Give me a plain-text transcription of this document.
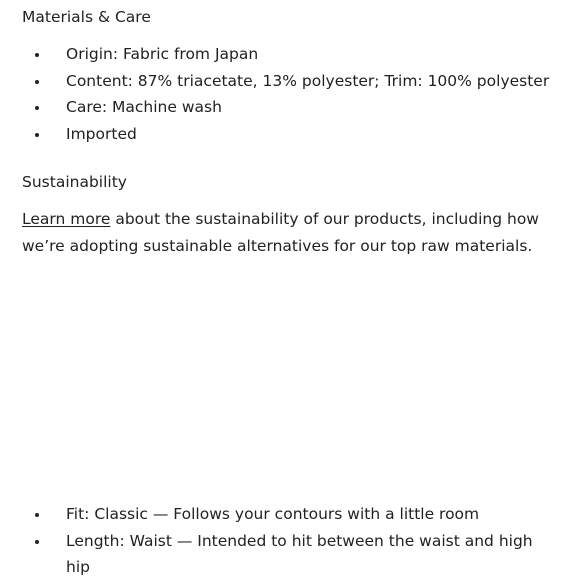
Materials & Care
Origin: Fabric from Japan
Content: 87% triacetate, 13% polyester; Trim: 100% polyester
Care: Machine wash
Imported
Sustainability

Learn more about the sustainability of our products, including how we’re adopting sustainable alternatives for our top raw materials.

Fit: Classic — Follows your contours with a little room
Length: Waist — Intended to hit between the waist and high hip
